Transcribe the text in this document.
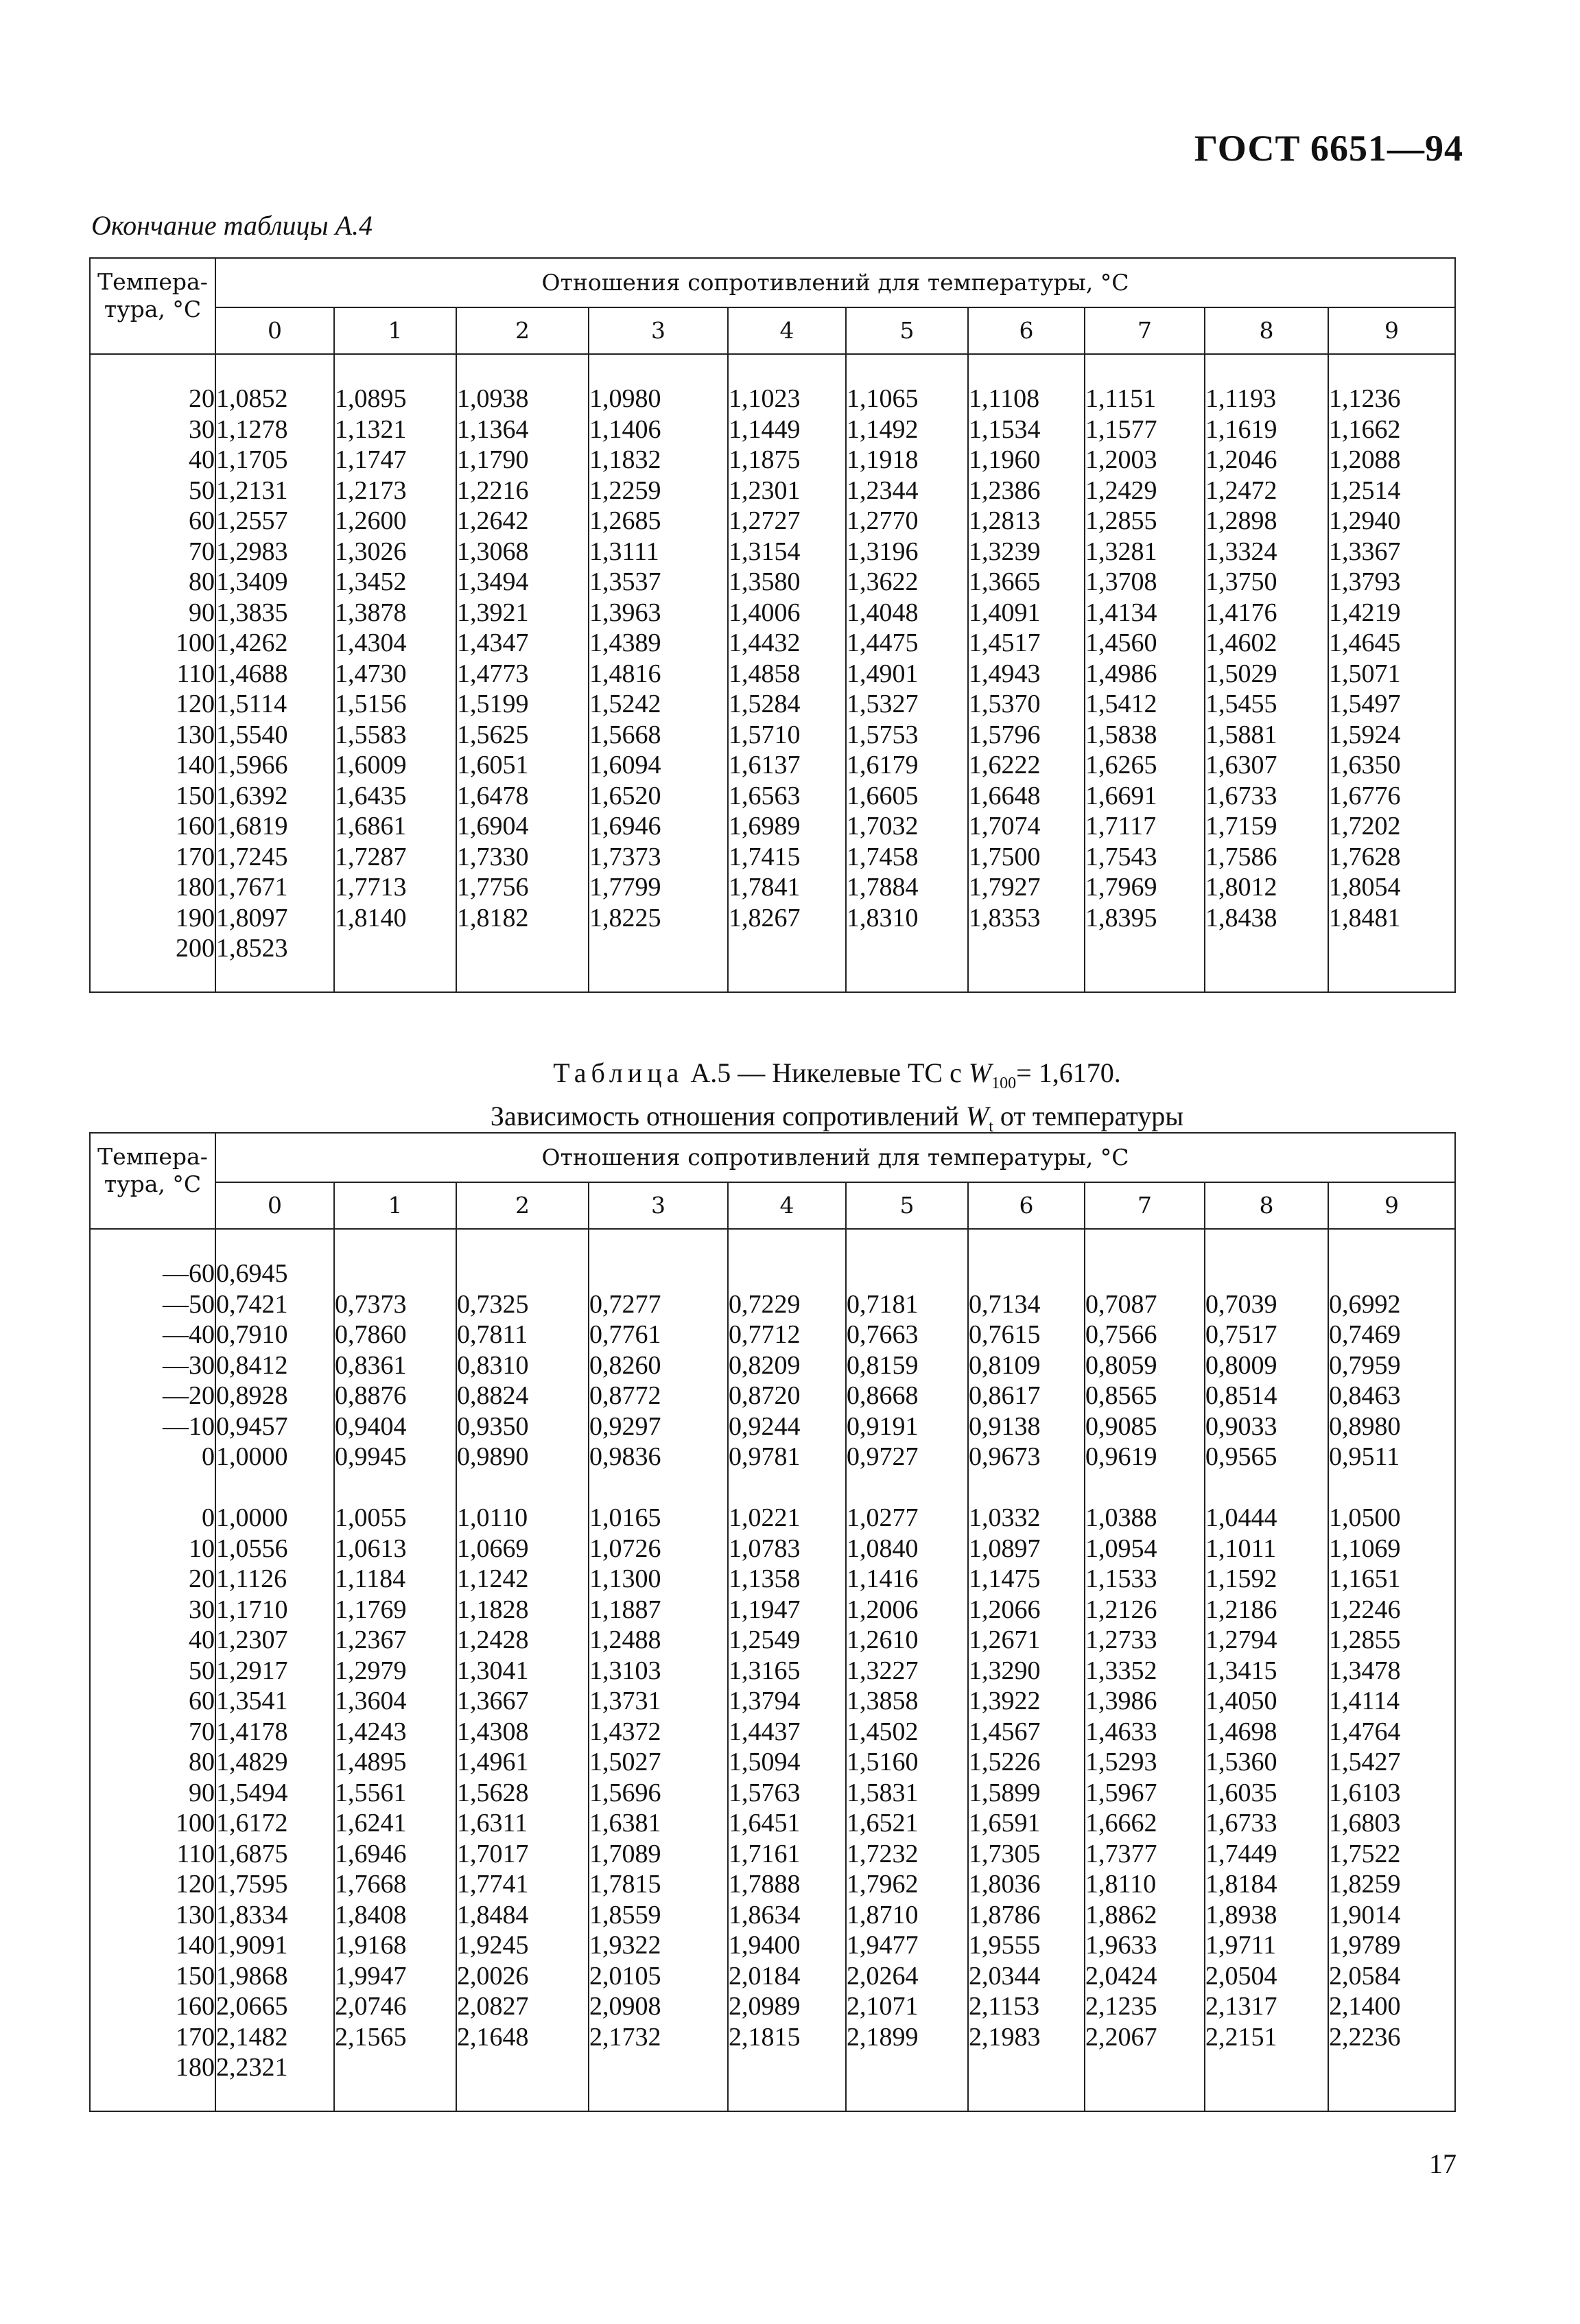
ГОСТ 6651—94
Окончание таблицы А.4
Темпера-
тура, °С	Отношения сопротивлений для температуры, °С									
	0	1	2	3	4	5	6	7	8	9

20	1,0852	1,0895	1,0938	1,0980	1,1023	1,1065	1,1108	1,1151	1,1193	1,1236
30	1,1278	1,1321	1,1364	1,1406	1,1449	1,1492	1,1534	1,1577	1,1619	1,1662
40	1,1705	1,1747	1,1790	1,1832	1,1875	1,1918	1,1960	1,2003	1,2046	1,2088
50	1,2131	1,2173	1,2216	1,2259	1,2301	1,2344	1,2386	1,2429	1,2472	1,2514
60	1,2557	1,2600	1,2642	1,2685	1,2727	1,2770	1,2813	1,2855	1,2898	1,2940
70	1,2983	1,3026	1,3068	1,3111	1,3154	1,3196	1,3239	1,3281	1,3324	1,3367
80	1,3409	1,3452	1,3494	1,3537	1,3580	1,3622	1,3665	1,3708	1,3750	1,3793
90	1,3835	1,3878	1,3921	1,3963	1,4006	1,4048	1,4091	1,4134	1,4176	1,4219
100	1,4262	1,4304	1,4347	1,4389	1,4432	1,4475	1,4517	1,4560	1,4602	1,4645
110	1,4688	1,4730	1,4773	1,4816	1,4858	1,4901	1,4943	1,4986	1,5029	1,5071
120	1,5114	1,5156	1,5199	1,5242	1,5284	1,5327	1,5370	1,5412	1,5455	1,5497
130	1,5540	1,5583	1,5625	1,5668	1,5710	1,5753	1,5796	1,5838	1,5881	1,5924
140	1,5966	1,6009	1,6051	1,6094	1,6137	1,6179	1,6222	1,6265	1,6307	1,6350
150	1,6392	1,6435	1,6478	1,6520	1,6563	1,6605	1,6648	1,6691	1,6733	1,6776
160	1,6819	1,6861	1,6904	1,6946	1,6989	1,7032	1,7074	1,7117	1,7159	1,7202
170	1,7245	1,7287	1,7330	1,7373	1,7415	1,7458	1,7500	1,7543	1,7586	1,7628
180	1,7671	1,7713	1,7756	1,7799	1,7841	1,7884	1,7927	1,7969	1,8012	1,8054
190	1,8097	1,8140	1,8182	1,8225	1,8267	1,8310	1,8353	1,8395	1,8438	1,8481
200	1,8523									

Таблица А.5 — Никелевые ТС с $W_{100}= 1,6170$.
Зависимость отношения сопротивлений $W_t$ от температуры
Темпера-
тура, °С	Отношения сопротивлений для температуры, °С									
	0	1	2	3	4	5	6	7	8	9

—60	0,6945									
—50	0,7421	0,7373	0,7325	0,7277	0,7229	0,7181	0,7134	0,7087	0,7039	0,6992
—40	0,7910	0,7860	0,7811	0,7761	0,7712	0,7663	0,7615	0,7566	0,7517	0,7469
—30	0,8412	0,8361	0,8310	0,8260	0,8209	0,8159	0,8109	0,8059	0,8009	0,7959
—20	0,8928	0,8876	0,8824	0,8772	0,8720	0,8668	0,8617	0,8565	0,8514	0,8463
—10	0,9457	0,9404	0,9350	0,9297	0,9244	0,9191	0,9138	0,9085	0,9033	0,8980
0	1,0000	0,9945	0,9890	0,9836	0,9781	0,9727	0,9673	0,9619	0,9565	0,9511

0	1,0000	1,0055	1,0110	1,0165	1,0221	1,0277	1,0332	1,0388	1,0444	1,0500
10	1,0556	1,0613	1,0669	1,0726	1,0783	1,0840	1,0897	1,0954	1,1011	1,1069
20	1,1126	1,1184	1,1242	1,1300	1,1358	1,1416	1,1475	1,1533	1,1592	1,1651
30	1,1710	1,1769	1,1828	1,1887	1,1947	1,2006	1,2066	1,2126	1,2186	1,2246
40	1,2307	1,2367	1,2428	1,2488	1,2549	1,2610	1,2671	1,2733	1,2794	1,2855
50	1,2917	1,2979	1,3041	1,3103	1,3165	1,3227	1,3290	1,3352	1,3415	1,3478
60	1,3541	1,3604	1,3667	1,3731	1,3794	1,3858	1,3922	1,3986	1,4050	1,4114
70	1,4178	1,4243	1,4308	1,4372	1,4437	1,4502	1,4567	1,4633	1,4698	1,4764
80	1,4829	1,4895	1,4961	1,5027	1,5094	1,5160	1,5226	1,5293	1,5360	1,5427
90	1,5494	1,5561	1,5628	1,5696	1,5763	1,5831	1,5899	1,5967	1,6035	1,6103
100	1,6172	1,6241	1,6311	1,6381	1,6451	1,6521	1,6591	1,6662	1,6733	1,6803
110	1,6875	1,6946	1,7017	1,7089	1,7161	1,7232	1,7305	1,7377	1,7449	1,7522
120	1,7595	1,7668	1,7741	1,7815	1,7888	1,7962	1,8036	1,8110	1,8184	1,8259
130	1,8334	1,8408	1,8484	1,8559	1,8634	1,8710	1,8786	1,8862	1,8938	1,9014
140	1,9091	1,9168	1,9245	1,9322	1,9400	1,9477	1,9555	1,9633	1,9711	1,9789
150	1,9868	1,9947	2,0026	2,0105	2,0184	2,0264	2,0344	2,0424	2,0504	2,0584
160	2,0665	2,0746	2,0827	2,0908	2,0989	2,1071	2,1153	2,1235	2,1317	2,1400
170	2,1482	2,1565	2,1648	2,1732	2,1815	2,1899	2,1983	2,2067	2,2151	2,2236
180	2,2321									

17
